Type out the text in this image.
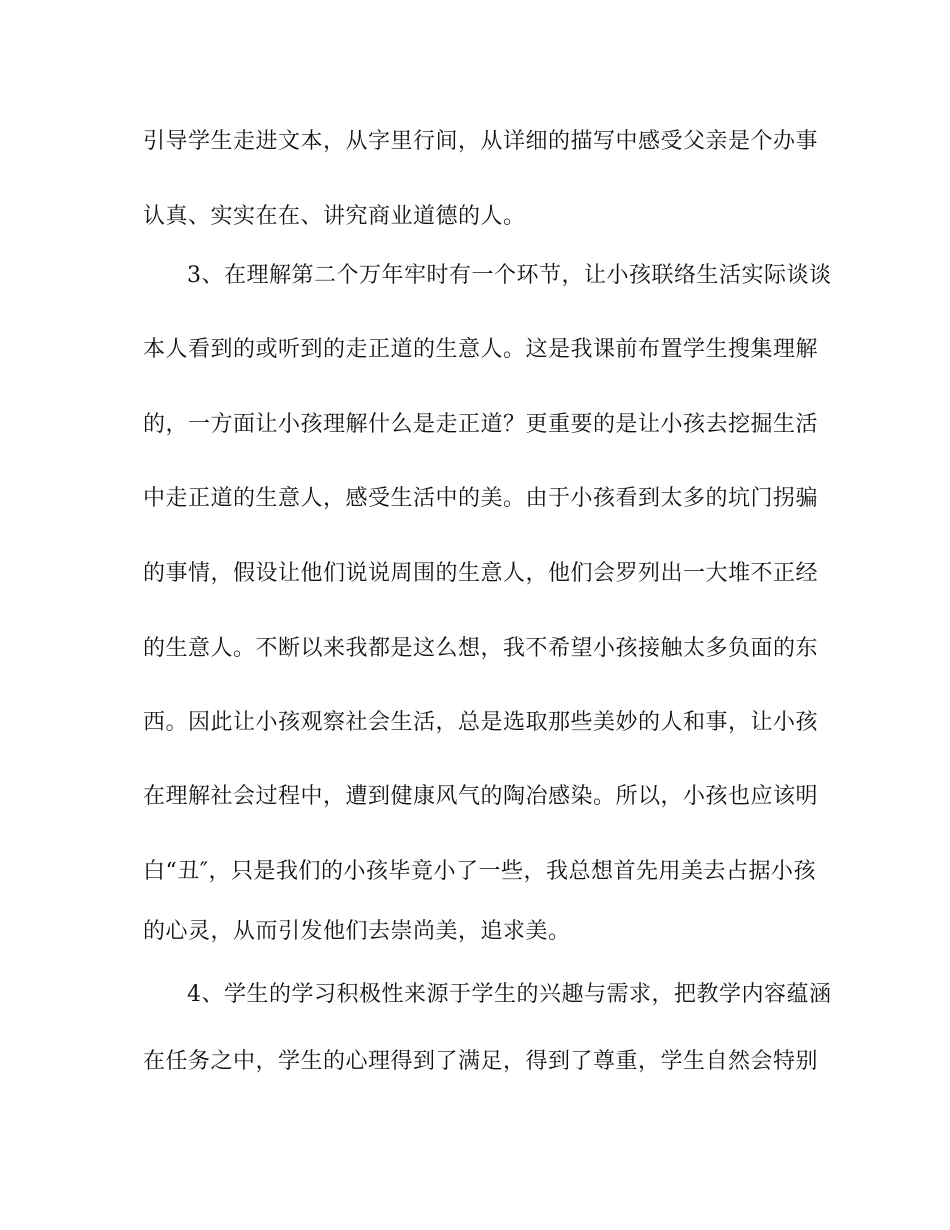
引导学生走进文本，从字里行间，从详细的描写中感受父亲是个办事
认真、实实在在、讲究商业道德的人。
3、在理解第二个万年牢时有一个环节，让小孩联络生活实际谈谈
本人看到的或听到的走正道的生意人。这是我课前布置学生搜集理解
的，一方面让小孩理解什么是走正道？更重要的是让小孩去挖掘生活
中走正道的生意人，感受生活中的美。由于小孩看到太多的坑门拐骗
的事情，假设让他们说说周围的生意人，他们会罗列出一大堆不正经
的生意人。不断以来我都是这么想，我不希望小孩接触太多负面的东
西。因此让小孩观察社会生活，总是选取那些美妙的人和事，让小孩
在理解社会过程中，遭到健康风气的陶冶感染。所以，小孩也应该明
白“丑″，只是我们的小孩毕竟小了一些，我总想首先用美去占据小孩
的心灵，从而引发他们去崇尚美，追求美。
4、学生的学习积极性来源于学生的兴趣与需求，把教学内容蕴涵
在任务之中，学生的心理得到了满足，得到了尊重，学生自然会特别
